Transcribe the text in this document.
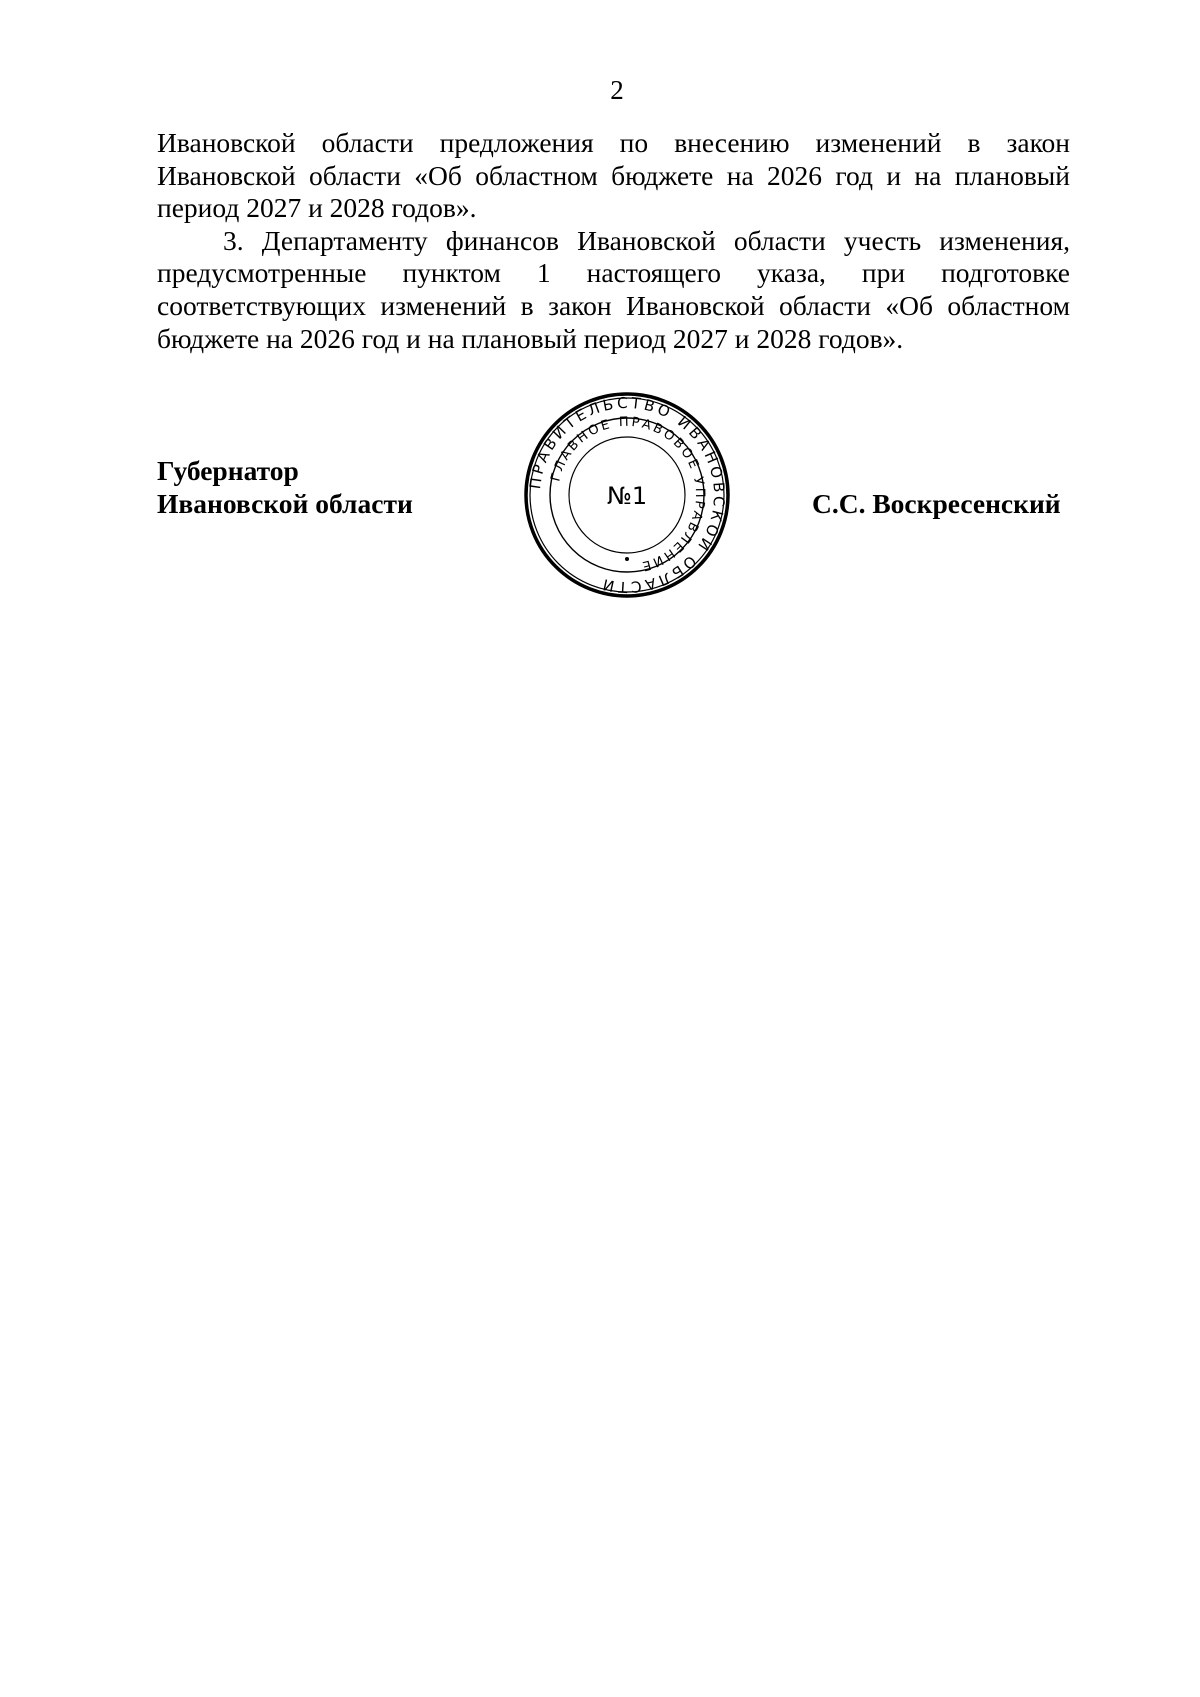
2

Ивановской области предложения по внесению изменений в закон Ивановской области «Об областном бюджете на 2026 год и на плановый период 2027 и 2028 годов».

3. Департаменту финансов Ивановской области учесть изменения, предусмотренные пунктом 1 настоящего указа, при подготовке соответствующих изменений в закон Ивановской области «Об областном бюджете на 2026 год и на плановый период 2027 и 2028 годов».

Губернатор
Ивановской области	С.С. Воскресенский
ПРАВИТЕЛЬСТВО ИВАНОВСКОЙ ОБЛАСТИ
ГЛАВНОЕ ПРАВОВОЕ УПРАВЛЕНИЕ
№1
